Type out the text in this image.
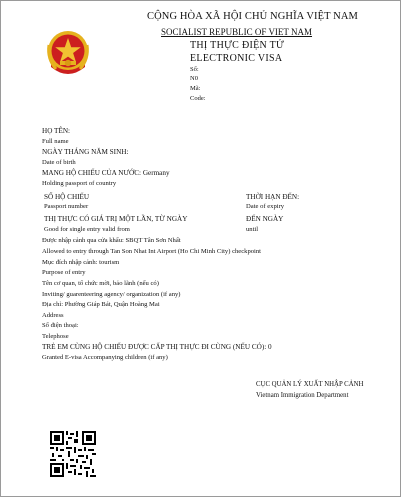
CỘNG HÒA XÃ HỘI CHỦ NGHĨA VIỆT NAM
SOCIALIST REPUBLIC OF VIET NAM
THỊ THỰC ĐIỆN TỬ
ELECTRONIC VISA
Số:
N0
Mã:
Code:
HỌ TÊN:
Full name
NGÀY THÁNG NĂM SINH:
Date of birth
MANG HỘ CHIẾU CỦA NƯỚC: Germany
Holding passport of country
SỐ HỘ CHIẾU
Passport number
THỜI HẠN ĐẾN:
Date of expiry
THỊ THỰC CÓ GIÁ TRỊ MỘT LẦN, TỪ NGÀY
Good for single entry valid from
ĐẾN NGÀY
until
Được nhập cảnh qua cửa khẩu: SBQT Tân Sơn Nhất
Allowed to entry through Tan Son Nhat Int Airport (Ho Chi Minh City) checkpoint
Mục đích nhập cảnh: tourism
Purpose of entry
Tên cơ quan, tổ chức mời, bảo lãnh (nếu có)
Inviting/ guarenteering agency/ organization (if any)
Địa chỉ: Phường Giáp Bát, Quận Hoàng Mai
Address
Số điện thoại:
Telephose
TRẺ EM CÙNG HỘ CHIẾU ĐƯỢC CẤP THỊ THỰC ĐI CÙNG (NẾU CÓ): 0
Granted E-visa Accompanying children (if any)
CỤC QUẢN LÝ XUẤT NHẬP CẢNH
Vietnam Immigration Department
